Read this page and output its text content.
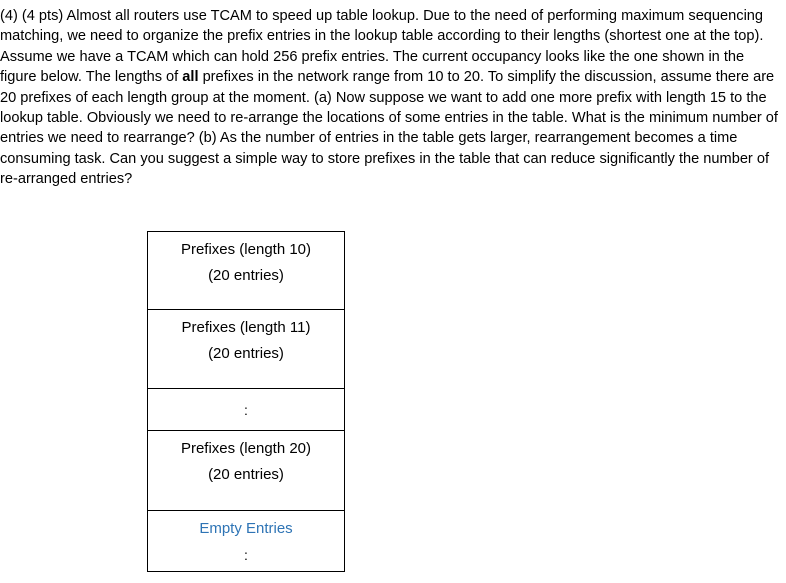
(4) (4 pts) Almost all routers use TCAM to speed up table lookup. Due to the need of performing maximum sequencing matching, we need to organize the prefix entries in the lookup table according to their lengths (shortest one at the top). Assume we have a TCAM which can hold 256 prefix entries. The current occupancy looks like the one shown in the figure below. The lengths of all prefixes in the network range from 10 to 20. To simplify the discussion, assume there are 20 prefixes of each length group at the moment. (a) Now suppose we want to add one more prefix with length 15 to the lookup table. Obviously we need to re-arrange the locations of some entries in the table. What is the minimum number of entries we need to rearrange? (b) As the number of entries in the table gets larger, rearrangement becomes a time consuming task. Can you suggest a simple way to store prefixes in the table that can reduce significantly the number of re-arranged entries?

Prefixes (length 10)
(20 entries)
Prefixes (length 11)
(20 entries)
:
Prefixes (length 20)
(20 entries)
Empty Entries
:
